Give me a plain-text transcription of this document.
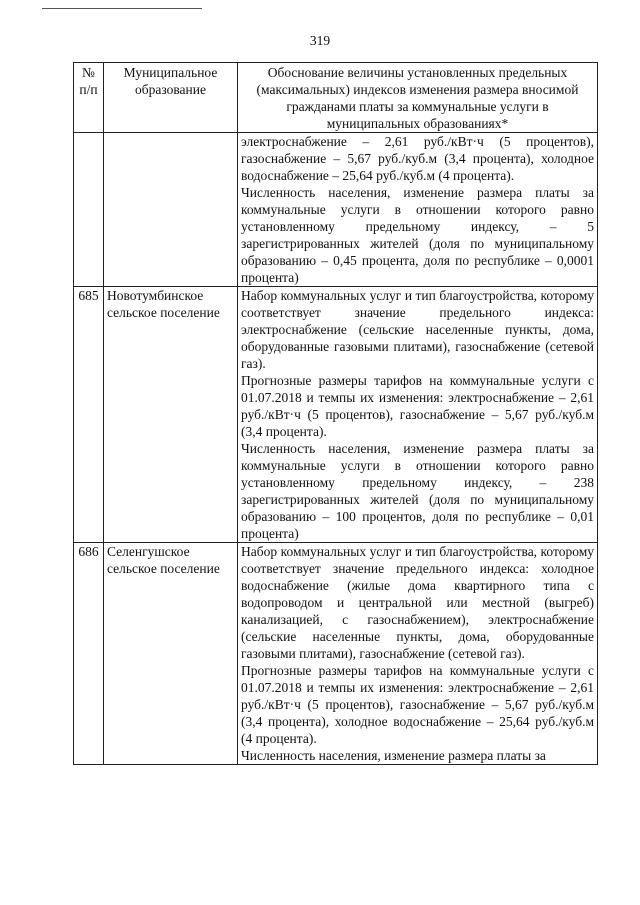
319
№ п/п	Муниципальное образование	Обоснование величины установленных предельных (максимальных) индексов изменения размера вносимой гражданами платы за коммунальные услуги в муниципальных образованиях*

		электроснабжение – 2,61 руб./кВт·ч (5 процентов), газоснабжение – 5,67 руб./куб.м (3,4 процента), холодное водоснабжение – 25,64 руб./куб.м (4 процента).
Численность населения, изменение размера платы за коммунальные услуги в отношении которого равно установленному предельному индексу, – 5 зарегистрированных жителей (доля по муниципальному образованию – 0,45 процента, доля по республике – 0,0001 процента)

685	Новотумбинское сельское поселение	Набор коммунальных услуг и тип благоустройства, которому соответствует значение предельного индекса: электроснабжение (сельские населенные пункты, дома, оборудованные газовыми плитами), газоснабжение (сетевой газ).
Прогнозные размеры тарифов на коммунальные услуги с 01.07.2018 и темпы их изменения: электроснабжение – 2,61 руб./кВт·ч (5 процентов), газоснабжение – 5,67 руб./куб.м (3,4 процента).
Численность населения, изменение размера платы за коммунальные услуги в отношении которого равно установленному предельному индексу, – 238 зарегистрированных жителей (доля по муниципальному образованию – 100 процентов, доля по республике – 0,01 процента)

686	Селенгушское сельское поселение	Набор коммунальных услуг и тип благоустройства, которому соответствует значение предельного индекса: холодное водоснабжение (жилые дома квартирного типа с водопроводом и центральной или местной (выгреб) канализацией, с газоснабжением), электроснабжение (сельские населенные пункты, дома, оборудованные газовыми плитами), газоснабжение (сетевой газ).
Прогнозные размеры тарифов на коммунальные услуги с 01.07.2018 и темпы их изменения: электроснабжение – 2,61 руб./кВт·ч (5 процентов), газоснабжение – 5,67 руб./куб.м (3,4 процента), холодное водоснабжение – 25,64 руб./куб.м (4 процента).
Численность населения, изменение размера платы за
